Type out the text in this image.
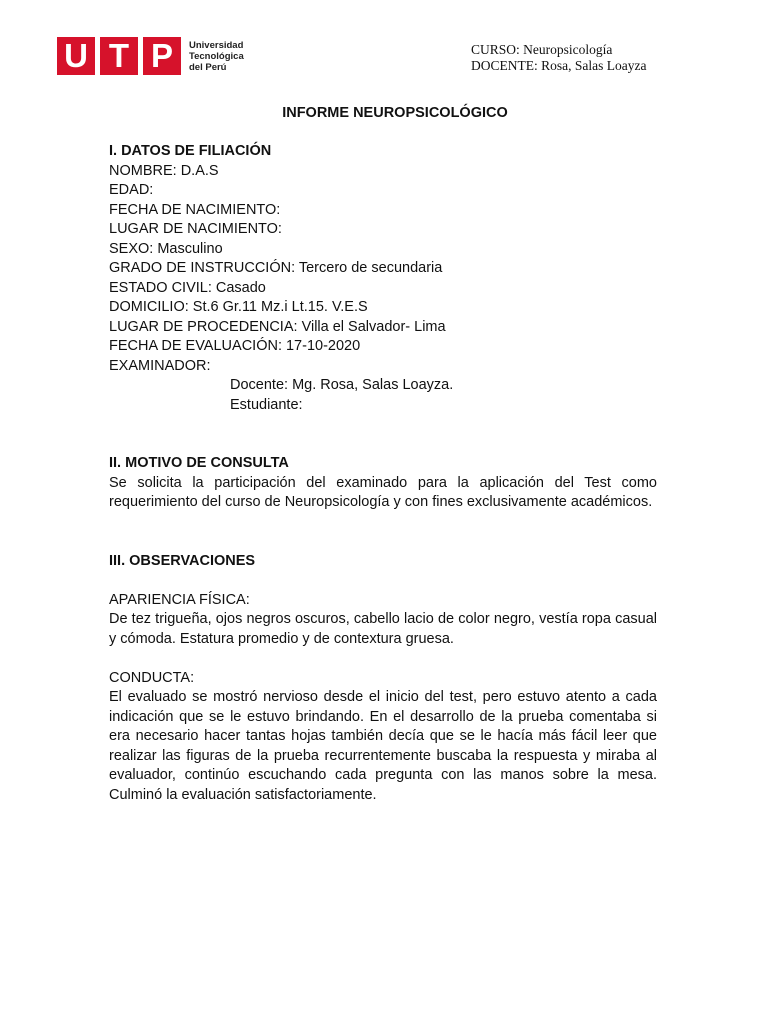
U T P	Universidad
Tecnológica
del Perú
CURSO: Neuropsicología
DOCENTE: Rosa, Salas Loayza
INFORME NEUROPSICOLÓGICO
I. DATOS DE FILIACIÓN
NOMBRE: D.A.S
EDAD:
FECHA DE NACIMIENTO:
LUGAR DE NACIMIENTO:
SEXO: Masculino
GRADO DE INSTRUCCIÓN: Tercero de secundaria
ESTADO CIVIL: Casado
DOMICILIO: St.6 Gr.11 Mz.i Lt.15. V.E.S
LUGAR DE PROCEDENCIA: Villa el Salvador- Lima
FECHA DE EVALUACIÓN: 17-10-2020
EXAMINADOR:
Docente: Mg. Rosa, Salas Loayza.
Estudiante:
II. MOTIVO DE CONSULTA
Se solicita la participación del examinado para la aplicación del Test como requerimiento del curso de Neuropsicología y con fines exclusivamente académicos.
III. OBSERVACIONES
APARIENCIA FÍSICA:
De tez trigueña, ojos negros oscuros, cabello lacio de color negro, vestía ropa casual y cómoda. Estatura promedio y de contextura gruesa.
CONDUCTA:
El evaluado se mostró nervioso desde el inicio del test, pero estuvo atento a cada indicación que se le estuvo brindando. En el desarrollo de la prueba comentaba si era necesario hacer tantas hojas también decía que se le hacía más fácil leer que realizar las figuras de la prueba recurrentemente buscaba la respuesta y miraba al evaluador, continúo escuchando cada pregunta con las manos sobre la mesa. Culminó la evaluación satisfactoriamente.
